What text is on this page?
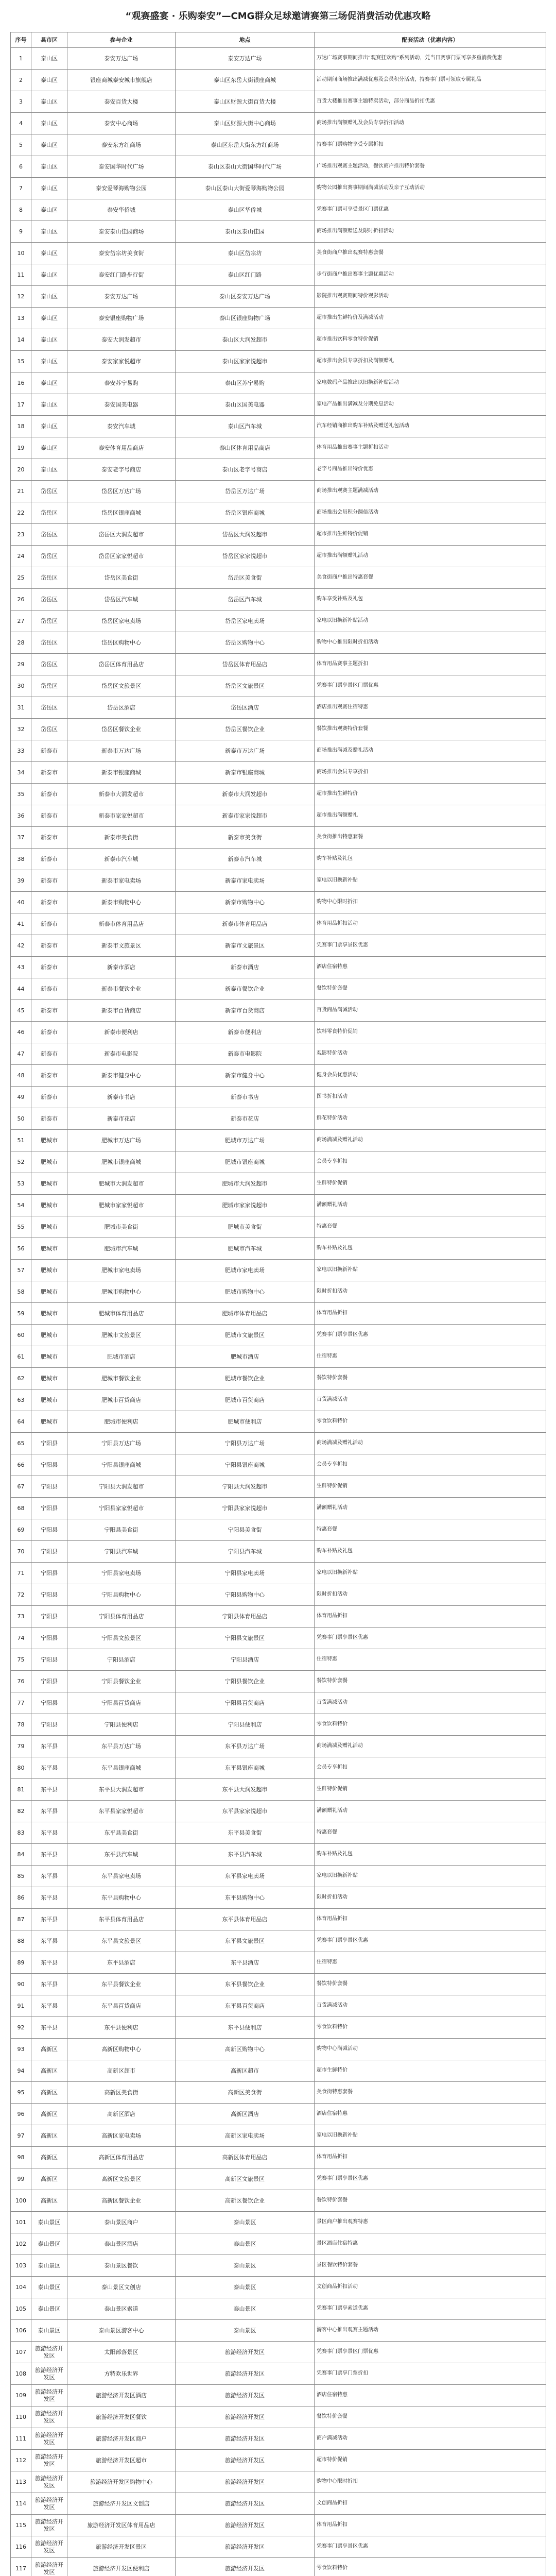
“观赛盛宴 · 乐购泰安”—CMG群众足球邀请赛第三场促消费活动优惠攻略
序号	县市区	参与企业	地点	配套活动（优惠内容）
1	泰山区	泰安万达广场	泰安万达广场	万达广场赛事期间推出“观赛狂欢购”系列活动，凭当日赛事门票可享多重消费优惠
2	泰山区	银座商城泰安城市旗舰店	泰山区东岳大街银座商城	活动期间商场推出满减优惠及会员积分活动，持赛事门票可领取专属礼品
3	泰山区	泰安百货大楼	泰山区财源大街百货大楼	百货大楼推出赛事主题特卖活动，部分商品折扣优惠
4	泰山区	泰安中心商场	泰山区财源大街中心商场	商场推出满额赠礼及会员专享折扣活动
5	泰山区	泰安东方红商场	泰山区东岳大街东方红商场	持赛事门票购物享受专属折扣
6	泰山区	泰安国华时代广场	泰山区泰山大街国华时代广场	广场推出观赛主题活动，餐饮商户推出特价套餐
7	泰山区	泰安爱琴海购物公园	泰山区泰山大街爱琴海购物公园	购物公园推出赛事期间满减活动及亲子互动活动
8	泰山区	泰安华侨城	泰山区华侨城	凭赛事门票可享受景区门票优惠
9	泰山区	泰安泰山佳园商场	泰山区泰山佳园	商场推出满额赠送及限时折扣活动
10	泰山区	泰安岱宗坊美食街	泰山区岱宗坊	美食街商户推出观赛特惠套餐
11	泰山区	泰安红门路步行街	泰山区红门路	步行街商户推出赛事主题优惠活动
12	泰山区	泰安万达广场	泰山区泰安万达广场	影院推出观赛期间特价观影活动
13	泰山区	泰安银座购物广场	泰山区银座购物广场	超市推出生鲜特价及满减活动
14	泰山区	泰安大润发超市	泰山区大润发超市	超市推出饮料零食特价促销
15	泰山区	泰安家家悦超市	泰山区家家悦超市	超市推出会员专享折扣及满额赠礼
16	泰山区	泰安苏宁易购	泰山区苏宁易购	家电数码产品推出以旧换新补贴活动
17	泰山区	泰安国美电器	泰山区国美电器	家电产品推出满减及分期免息活动
18	泰山区	泰安汽车城	泰山区汽车城	汽车经销商推出购车补贴及赠送礼包活动
19	泰山区	泰安体育用品商店	泰山区体育用品商店	体育用品推出赛事主题折扣活动
20	泰山区	泰安老字号商店	泰山区老字号商店	老字号商品推出特价优惠
21	岱岳区	岱岳区万达广场	岱岳区万达广场	商场推出观赛主题满减活动
22	岱岳区	岱岳区银座商城	岱岳区银座商城	商场推出会员积分翻倍活动
23	岱岳区	岱岳区大润发超市	岱岳区大润发超市	超市推出生鲜特价促销
24	岱岳区	岱岳区家家悦超市	岱岳区家家悦超市	超市推出满额赠礼活动
25	岱岳区	岱岳区美食街	岱岳区美食街	美食街商户推出特惠套餐
26	岱岳区	岱岳区汽车城	岱岳区汽车城	购车享受补贴及礼包
27	岱岳区	岱岳区家电卖场	岱岳区家电卖场	家电以旧换新补贴活动
28	岱岳区	岱岳区购物中心	岱岳区购物中心	购物中心推出限时折扣活动
29	岱岳区	岱岳区体育用品店	岱岳区体育用品店	体育用品赛事主题折扣
30	岱岳区	岱岳区文旅景区	岱岳区文旅景区	凭赛事门票享景区门票优惠
31	岱岳区	岱岳区酒店	岱岳区酒店	酒店推出观赛住宿特惠
32	岱岳区	岱岳区餐饮企业	岱岳区餐饮企业	餐饮推出观赛特价套餐
33	新泰市	新泰市万达广场	新泰市万达广场	商场推出满减及赠礼活动
34	新泰市	新泰市银座商城	新泰市银座商城	商场推出会员专享折扣
35	新泰市	新泰市大润发超市	新泰市大润发超市	超市推出生鲜特价
36	新泰市	新泰市家家悦超市	新泰市家家悦超市	超市推出满额赠礼
37	新泰市	新泰市美食街	新泰市美食街	美食街推出特惠套餐
38	新泰市	新泰市汽车城	新泰市汽车城	购车补贴及礼包
39	新泰市	新泰市家电卖场	新泰市家电卖场	家电以旧换新补贴
40	新泰市	新泰市购物中心	新泰市购物中心	购物中心限时折扣
41	新泰市	新泰市体育用品店	新泰市体育用品店	体育用品折扣活动
42	新泰市	新泰市文旅景区	新泰市文旅景区	凭赛事门票享景区优惠
43	新泰市	新泰市酒店	新泰市酒店	酒店住宿特惠
44	新泰市	新泰市餐饮企业	新泰市餐饮企业	餐饮特价套餐
45	新泰市	新泰市百货商店	新泰市百货商店	百货商品满减活动
46	新泰市	新泰市便利店	新泰市便利店	饮料零食特价促销
47	新泰市	新泰市电影院	新泰市电影院	观影特价活动
48	新泰市	新泰市健身中心	新泰市健身中心	健身会员优惠活动
49	新泰市	新泰市书店	新泰市书店	图书折扣活动
50	新泰市	新泰市花店	新泰市花店	鲜花特价活动
51	肥城市	肥城市万达广场	肥城市万达广场	商场满减及赠礼活动
52	肥城市	肥城市银座商城	肥城市银座商城	会员专享折扣
53	肥城市	肥城市大润发超市	肥城市大润发超市	生鲜特价促销
54	肥城市	肥城市家家悦超市	肥城市家家悦超市	满额赠礼活动
55	肥城市	肥城市美食街	肥城市美食街	特惠套餐
56	肥城市	肥城市汽车城	肥城市汽车城	购车补贴及礼包
57	肥城市	肥城市家电卖场	肥城市家电卖场	家电以旧换新补贴
58	肥城市	肥城市购物中心	肥城市购物中心	限时折扣活动
59	肥城市	肥城市体育用品店	肥城市体育用品店	体育用品折扣
60	肥城市	肥城市文旅景区	肥城市文旅景区	凭赛事门票享景区优惠
61	肥城市	肥城市酒店	肥城市酒店	住宿特惠
62	肥城市	肥城市餐饮企业	肥城市餐饮企业	餐饮特价套餐
63	肥城市	肥城市百货商店	肥城市百货商店	百货满减活动
64	肥城市	肥城市便利店	肥城市便利店	零食饮料特价
65	宁阳县	宁阳县万达广场	宁阳县万达广场	商场满减及赠礼活动
66	宁阳县	宁阳县银座商城	宁阳县银座商城	会员专享折扣
67	宁阳县	宁阳县大润发超市	宁阳县大润发超市	生鲜特价促销
68	宁阳县	宁阳县家家悦超市	宁阳县家家悦超市	满额赠礼活动
69	宁阳县	宁阳县美食街	宁阳县美食街	特惠套餐
70	宁阳县	宁阳县汽车城	宁阳县汽车城	购车补贴及礼包
71	宁阳县	宁阳县家电卖场	宁阳县家电卖场	家电以旧换新补贴
72	宁阳县	宁阳县购物中心	宁阳县购物中心	限时折扣活动
73	宁阳县	宁阳县体育用品店	宁阳县体育用品店	体育用品折扣
74	宁阳县	宁阳县文旅景区	宁阳县文旅景区	凭赛事门票享景区优惠
75	宁阳县	宁阳县酒店	宁阳县酒店	住宿特惠
76	宁阳县	宁阳县餐饮企业	宁阳县餐饮企业	餐饮特价套餐
77	宁阳县	宁阳县百货商店	宁阳县百货商店	百货满减活动
78	宁阳县	宁阳县便利店	宁阳县便利店	零食饮料特价
79	东平县	东平县万达广场	东平县万达广场	商场满减及赠礼活动
80	东平县	东平县银座商城	东平县银座商城	会员专享折扣
81	东平县	东平县大润发超市	东平县大润发超市	生鲜特价促销
82	东平县	东平县家家悦超市	东平县家家悦超市	满额赠礼活动
83	东平县	东平县美食街	东平县美食街	特惠套餐
84	东平县	东平县汽车城	东平县汽车城	购车补贴及礼包
85	东平县	东平县家电卖场	东平县家电卖场	家电以旧换新补贴
86	东平县	东平县购物中心	东平县购物中心	限时折扣活动
87	东平县	东平县体育用品店	东平县体育用品店	体育用品折扣
88	东平县	东平县文旅景区	东平县文旅景区	凭赛事门票享景区优惠
89	东平县	东平县酒店	东平县酒店	住宿特惠
90	东平县	东平县餐饮企业	东平县餐饮企业	餐饮特价套餐
91	东平县	东平县百货商店	东平县百货商店	百货满减活动
92	东平县	东平县便利店	东平县便利店	零食饮料特价
93	高新区	高新区购物中心	高新区购物中心	购物中心满减活动
94	高新区	高新区超市	高新区超市	超市生鲜特价
95	高新区	高新区美食街	高新区美食街	美食街特惠套餐
96	高新区	高新区酒店	高新区酒店	酒店住宿特惠
97	高新区	高新区家电卖场	高新区家电卖场	家电以旧换新补贴
98	高新区	高新区体育用品店	高新区体育用品店	体育用品折扣
99	高新区	高新区文旅景区	高新区文旅景区	凭赛事门票享景区优惠
100	高新区	高新区餐饮企业	高新区餐饮企业	餐饮特价套餐
101	泰山景区	泰山景区商户	泰山景区	景区商户推出观赛特惠
102	泰山景区	泰山景区酒店	泰山景区	景区酒店住宿特惠
103	泰山景区	泰山景区餐饮	泰山景区	景区餐饮特价套餐
104	泰山景区	泰山景区文创店	泰山景区	文创商品折扣活动
105	泰山景区	泰山景区索道	泰山景区	凭赛事门票享索道优惠
106	泰山景区	泰山景区游客中心	泰山景区	游客中心推出观赛主题活动
107	旅游经济开发区	太阳部落景区	旅游经济开发区	凭赛事门票享景区门票优惠
108	旅游经济开发区	方特欢乐世界	旅游经济开发区	凭赛事门票享门票折扣
109	旅游经济开发区	旅游经济开发区酒店	旅游经济开发区	酒店住宿特惠
110	旅游经济开发区	旅游经济开发区餐饮	旅游经济开发区	餐饮特价套餐
111	旅游经济开发区	旅游经济开发区商户	旅游经济开发区	商户满减活动
112	旅游经济开发区	旅游经济开发区超市	旅游经济开发区	超市特价促销
113	旅游经济开发区	旅游经济开发区购物中心	旅游经济开发区	购物中心限时折扣
114	旅游经济开发区	旅游经济开发区文创店	旅游经济开发区	文创商品折扣
115	旅游经济开发区	旅游经济开发区体育用品店	旅游经济开发区	体育用品折扣
116	旅游经济开发区	旅游经济开发区景区	旅游经济开发区	凭赛事门票享景区优惠
117	旅游经济开发区	旅游经济开发区便利店	旅游经济开发区	零食饮料特价
